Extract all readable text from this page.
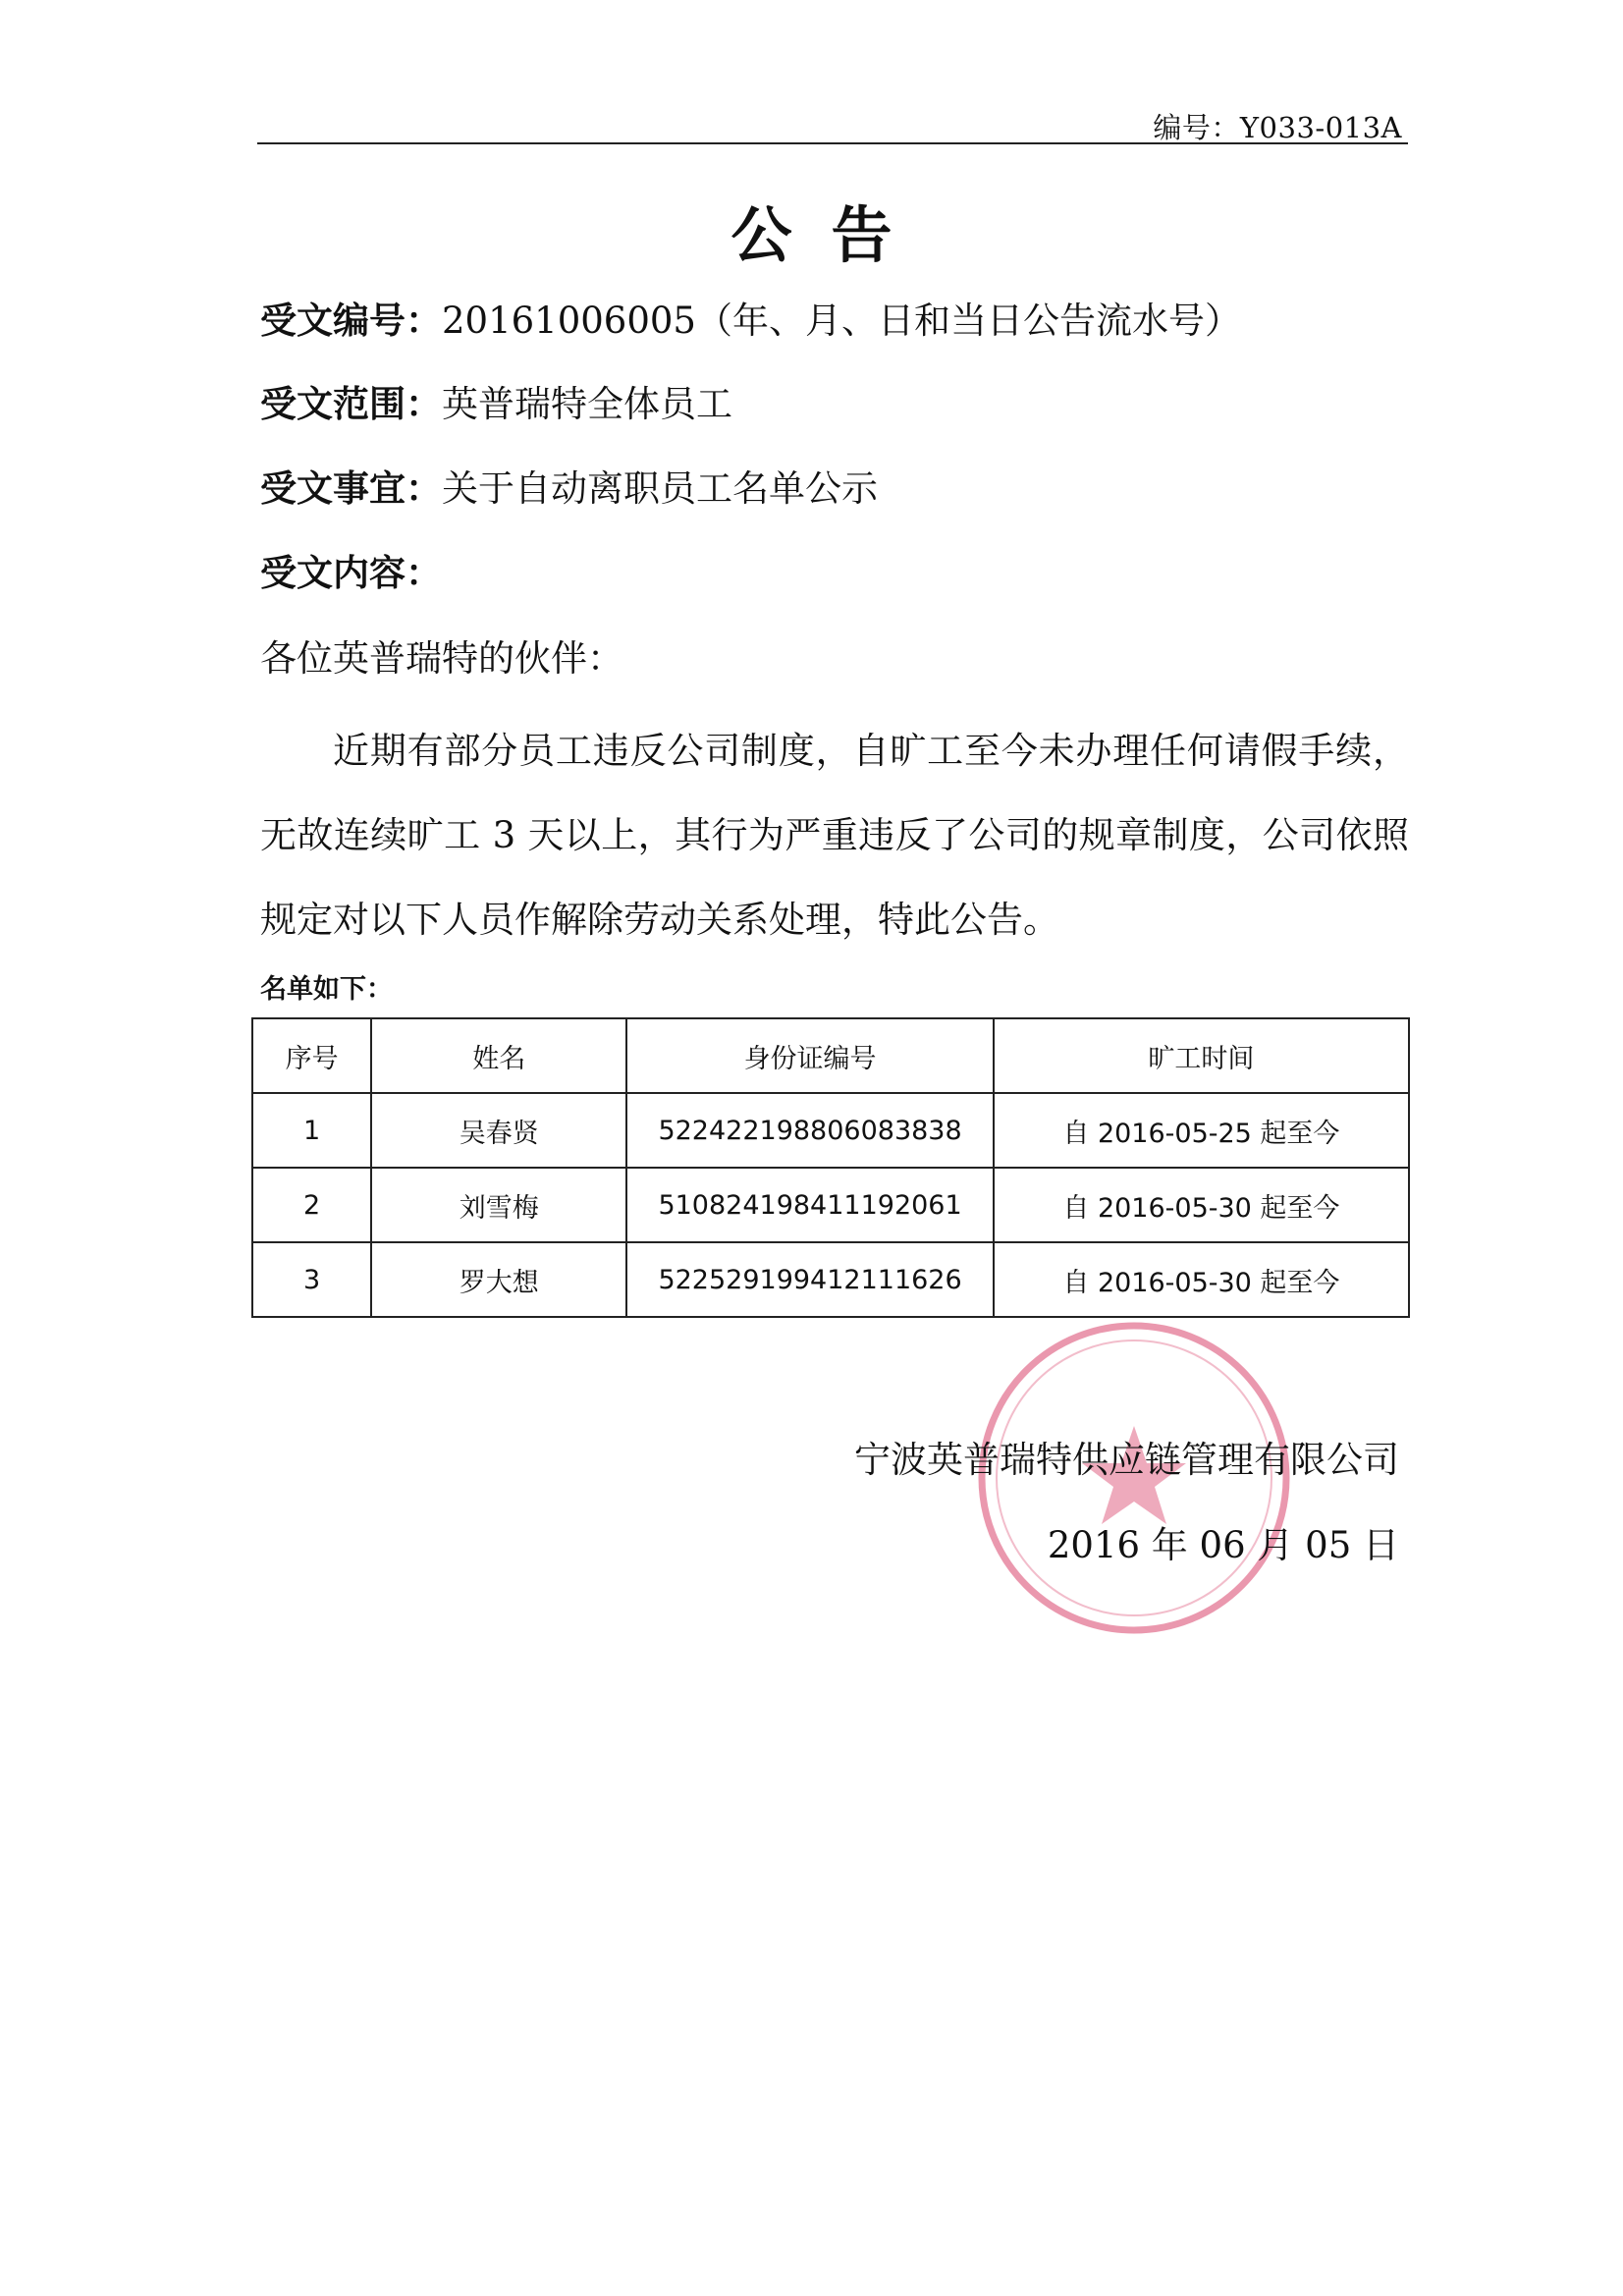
编号：Y033-013A
公告
受文编号：20161006005（年、月、日和当日公告流水号）
受文范围：英普瑞特全体员工
受文事宜：关于自动离职员工名单公示
受文内容：
各位英普瑞特的伙伴：
近期有部分员工违反公司制度，自旷工至今未办理任何请假手续，无故连续旷工 3 天以上，其行为严重违反了公司的规章制度，公司依照规定对以下人员作解除劳动关系处理，特此公告。
名单如下：
序号	姓名	身份证编号	旷工时间
1	吴春贤	522422198806083838	自 2016-05-25 起至今
2	刘雪梅	510824198411192061	自 2016-05-30 起至今
3	罗大想	522529199412111626	自 2016-05-30 起至今
宁波英普瑞特供应链管理有限公司
2016 年 06 月 05 日
